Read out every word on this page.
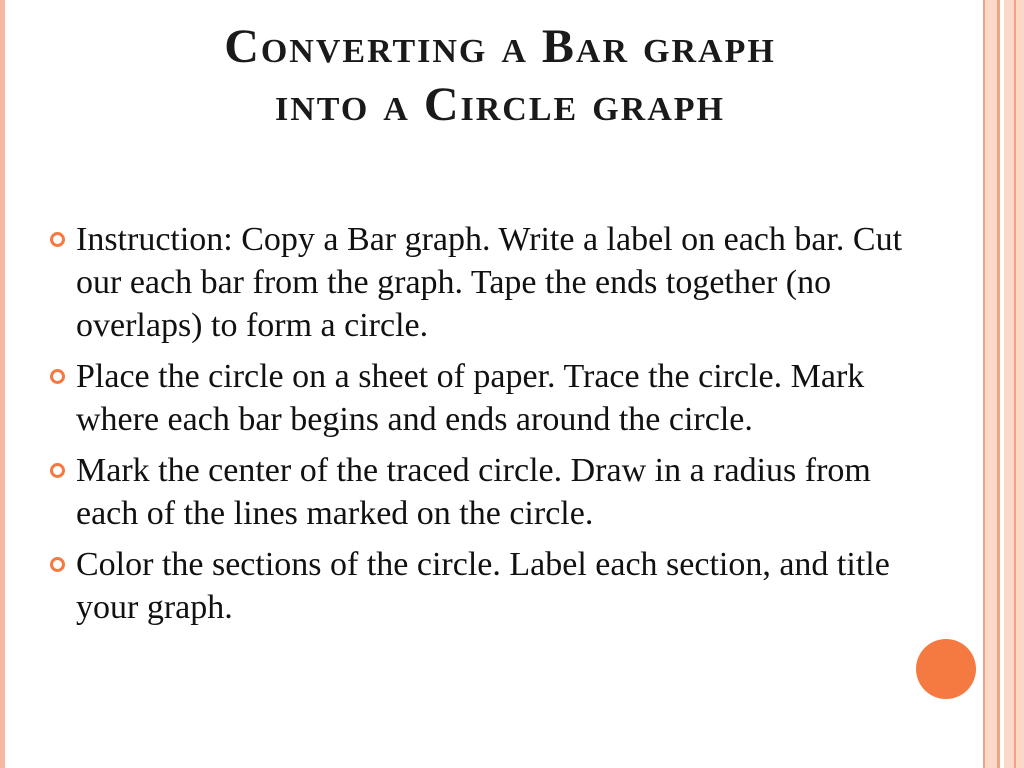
Converting a Bar graph
into a Circle graph
Instruction: Copy a Bar graph. Write a label on each bar. Cut our each bar from the graph. Tape the ends together (no overlaps) to form a circle.
Place the circle on a sheet of paper. Trace the circle. Mark where each bar begins and ends around the circle.
Mark the center of the traced circle. Draw in a radius from each of the lines marked on the circle.
Color the sections of the circle. Label each section, and title your graph.
